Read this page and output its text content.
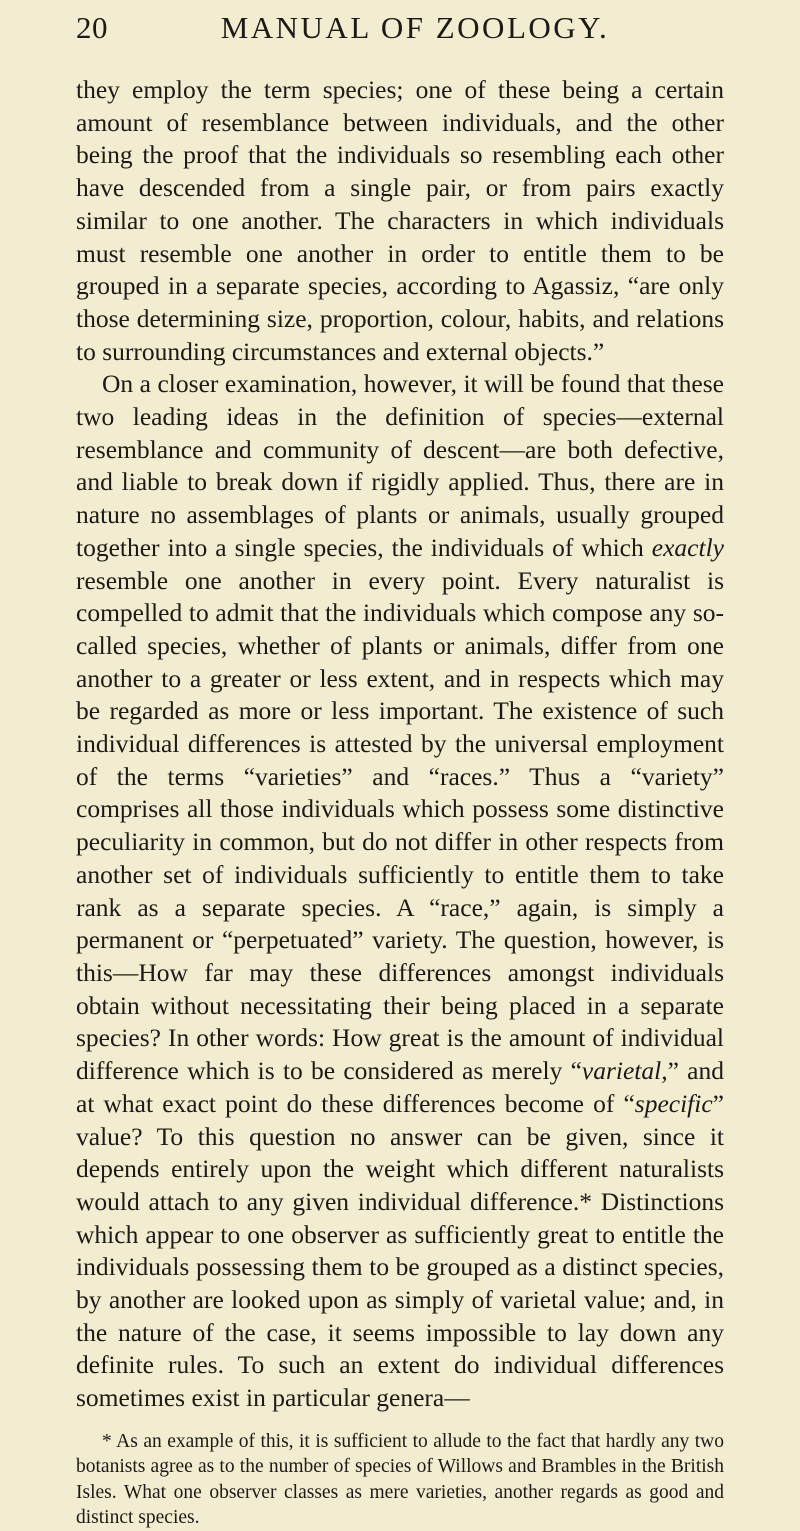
20	MANUAL OF ZOOLOGY.

they employ the term species; one of these being a certain amount of resemblance between individuals, and the other being the proof that the individuals so resembling each other have descended from a single pair, or from pairs exactly similar to one another. The characters in which individuals must resemble one another in order to entitle them to be grouped in a separate species, according to Agassiz, “are only those determining size, proportion, colour, habits, and relations to surrounding circumstances and external objects.”

On a closer examination, however, it will be found that these two leading ideas in the definition of species—external resemblance and community of descent—are both defective, and liable to break down if rigidly applied. Thus, there are in nature no assemblages of plants or animals, usually grouped together into a single species, the individuals of which exactly resemble one another in every point. Every naturalist is compelled to admit that the individuals which compose any so-called species, whether of plants or animals, differ from one another to a greater or less extent, and in respects which may be regarded as more or less important. The existence of such individual differences is attested by the universal employment of the terms “varieties” and “races.” Thus a “variety” comprises all those individuals which possess some distinctive peculiarity in common, but do not differ in other respects from another set of individuals sufficiently to entitle them to take rank as a separate species. A “race,” again, is simply a permanent or “perpetuated” variety. The question, however, is this—How far may these differences amongst individuals obtain without necessitating their being placed in a separate species? In other words: How great is the amount of individual difference which is to be considered as merely “varietal,” and at what exact point do these differences become of “specific” value? To this question no answer can be given, since it depends entirely upon the weight which different naturalists would attach to any given individual difference.* Distinctions which appear to one observer as sufficiently great to entitle the individuals possessing them to be grouped as a distinct species, by another are looked upon as simply of varietal value; and, in the nature of the case, it seems impossible to lay down any definite rules. To such an extent do individual differences sometimes exist in particular genera—

* As an example of this, it is sufficient to allude to the fact that hardly any two botanists agree as to the number of species of Willows and Brambles in the British Isles. What one observer classes as mere varieties, another regards as good and distinct species.
